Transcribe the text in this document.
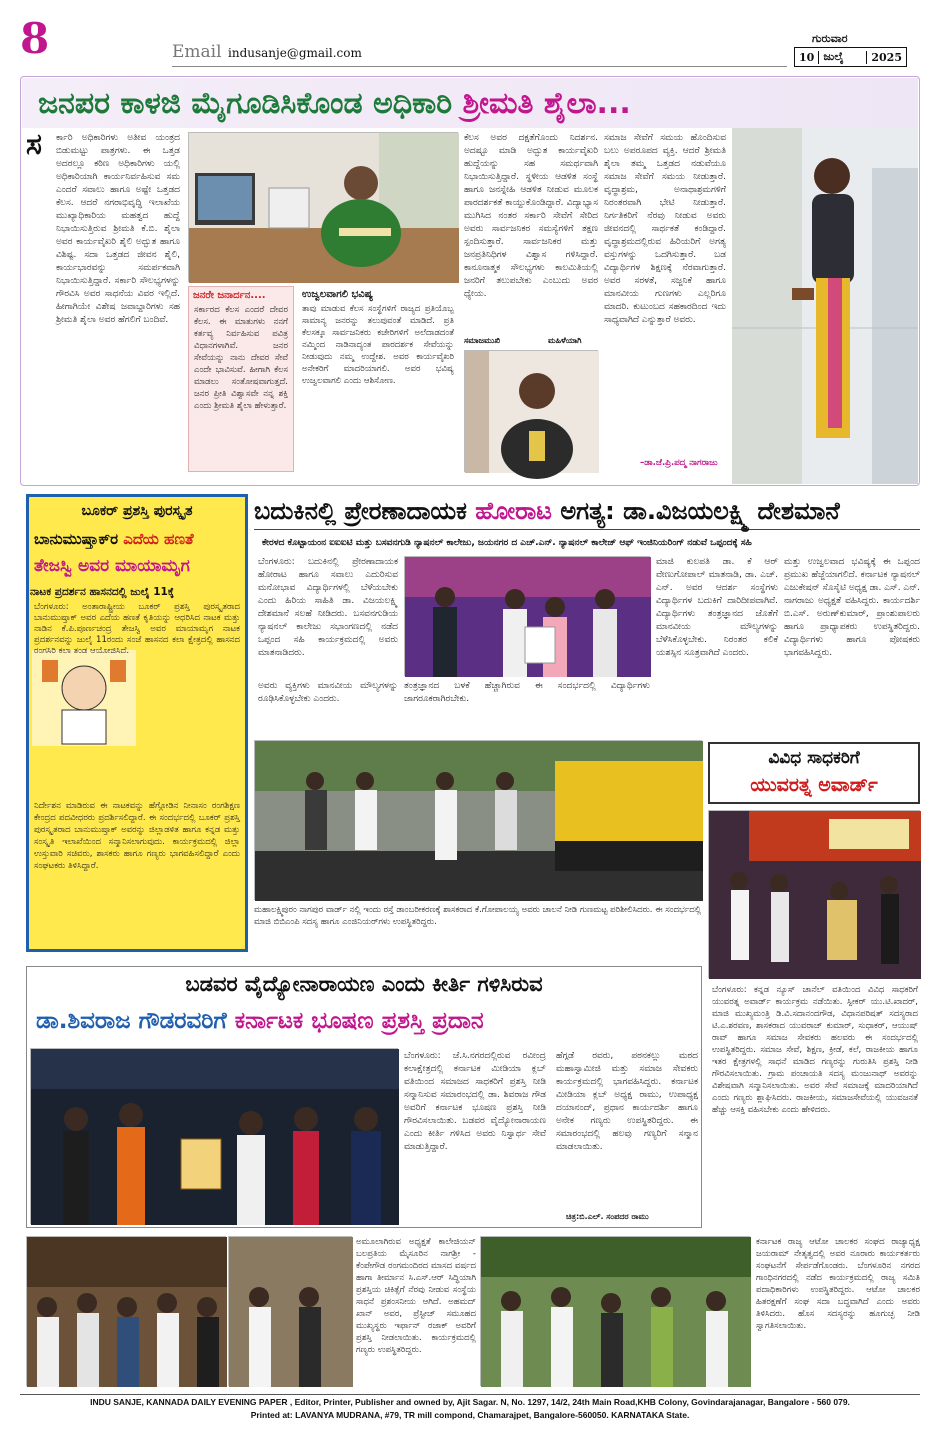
8	Email indusanje@gmail.com
ಗುರುವಾರ
10 ಜುಲೈ	2025
ಜನಪರ ಕಾಳಜಿ ಮೈಗೂಡಿಸಿಕೊಂಡ ಅಧಿಕಾರಿ ಶ್ರೀಮತಿ ಶೈಲಾ...
ಸ ರ್ಕಾರಿ ಅಧಿಕಾರಿಗಳು ಅತೀವ ಯಂತ್ರದ ಬಿಡುಮಟ್ಟು ಪಾತ್ರಗಳು. ಈ ಒತ್ತಡ ಅದರಲ್ಲೂ ಕಠಿಣ ಅಧಿಕಾರಿಗಳು ಯಲ್ಲಿ ಅಧಿಕಾರಿಯಾಗಿ ಕಾರ್ಯನಿರ್ವಹಿಸುವ ಸಮ ಎಂದರೆ ಸವಾಲು ಹಾಗೂ ಅಷ್ಟೇ ಒತ್ತಡದ ಕೆಲಸ. ಆದರೆ ನಗರಾಭಿವೃದ್ಧಿ ಇಲಾಖೆಯ ಮುಖ್ಯಾಧಿಕಾರಿಯ ಮಹತ್ವದ ಹುದ್ದೆ ನಿಭಾಯಿಸುತ್ತಿರುವ ಶ್ರೀಮತಿ ಕೆ.ಬಿ. ಶೈಲಾ ಅವರ ಕಾರ್ಯವೈಖರಿ ಶೈಲಿ ಅದ್ಭುತ ಹಾಗೂ ವಿಶಿಷ್ಟ. ಸದಾ ಒತ್ತಡದ ಜೀವನ ಶೈಲಿ, ಕಾರ್ಯಭಾರವನ್ನು ಸಮರ್ಪಕವಾಗಿ ನಿಭಾಯಿಸುತ್ತಿದ್ದಾರೆ. ಸರ್ಕಾರಿ ಸೌಲಭ್ಯಗಳನ್ನು ಗೌರವಿಸಿ ಅವರ ಸಾಧನೆಯ ವಿವರ ಇಲ್ಲಿದೆ. ಹೀಗಾಗಿಯೇ ವಿಶೇಷ ಜವಾಬ್ದಾರಿಗಳು ಸಹ ಶ್ರೀಮತಿ ಶೈಲಾ ಅವರ ಹೆಗಲಿಗೆ ಬಂದಿವೆ.
ಜನರೇ ಜನಾರ್ದನ....
ಸರ್ಕಾರದ ಕೆಲಸ ಎಂದರೆ ದೇವರ ಕೆಲಸ. ಈ ಮಾತುಗಳು ನನಗೆ ಕರ್ತವ್ಯ ನಿರ್ವಹಿಸುವ ಪವಿತ್ರ ವಿಧಾನಗಳಾಗಿವೆ. ಜನರ ಸೇವೆಯನ್ನು ನಾನು ದೇವರ ಸೇವೆ ಎಂದೇ ಭಾವಿಸುವೆ. ಹೀಗಾಗಿ ಕೆಲಸ ಮಾಡಲು ಸಂತೋಷವಾಗುತ್ತದೆ. ಜನರ ಪ್ರೀತಿ ವಿಶ್ವಾಸವೇ ನನ್ನ ಶಕ್ತಿ ಎಂದು ಶ್ರೀಮತಿ ಶೈಲಾ ಹೇಳುತ್ತಾರೆ.
ಉಜ್ವಲವಾಗಲಿ ಭವಿಷ್ಯ
ತಾವು ಮಾಡುವ ಕೆಲಸ ಸಂಸ್ಥೆಗಳಿಗೆ ರಾಜ್ಯದ ಪ್ರತಿಯೊಬ್ಬ ಸಾಮಾನ್ಯ ಜನರನ್ನು ತಲುಪುವಂತೆ ಮಾಡಿದೆ. ಪ್ರತಿ ಕೆಲಸಕ್ಕೂ ಸಾರ್ವಜನಿಕರು ಕಚೇರಿಗಳಿಗೆ ಅಲೆದಾಡದಂತೆ ನಮ್ಮಿಂದ ನಾಡಿನಾದ್ಯಂತ ಪಾರದರ್ಶಕ ಸೇವೆಯನ್ನು ನೀಡುವುದು ನಮ್ಮ ಉದ್ದೇಶ. ಅವರ ಕಾರ್ಯವೈಖರಿ ಅನೇಕರಿಗೆ ಮಾದರಿಯಾಗಲಿ. ಅವರ ಭವಿಷ್ಯ ಉಜ್ವಲವಾಗಲಿ ಎಂದು ಆಶಿಸೋಣ.
ಕೆಲಸ ಅವರ ದಕ್ಷತೆಗೊಂದು ನಿದರ್ಶನ. ಅದಷ್ಟೂ ಮಾಡಿ ಅದ್ಭುತ ಕಾರ್ಯವೈಖರಿ ಹುದ್ದೆಯನ್ನು ಸಹ ಸಮರ್ಥವಾಗಿ ನಿಭಾಯಿಸುತ್ತಿದ್ದಾರೆ. ಸ್ಥಳೀಯ ಆಡಳಿತ ಸಂಸ್ಥೆ ಹಾಗೂ ಜನಸ್ನೇಹಿ ಆಡಳಿತ ನೀಡುವ ಮೂಲಕ ಪಾರದರ್ಶಕತೆ ಕಾಯ್ದುಕೊಂಡಿದ್ದಾರೆ. ವಿದ್ಯಾಭ್ಯಾಸ ಮುಗಿಸಿದ ನಂತರ ಸರ್ಕಾರಿ ಸೇವೆಗೆ ಸೇರಿದ ಅವರು ಸಾರ್ವಜನಿಕರ ಸಮಸ್ಯೆಗಳಿಗೆ ತಕ್ಷಣ ಸ್ಪಂದಿಸುತ್ತಾರೆ. ಸಾರ್ವಜನಿಕರ ಮತ್ತು ಜನಪ್ರತಿನಿಧಿಗಳ ವಿಶ್ವಾಸ ಗಳಿಸಿದ್ದಾರೆ. ಕಾನೂನಾತ್ಮಕ ಸೌಲಭ್ಯಗಳು ಕಾಲಮಿತಿಯಲ್ಲಿ ಜನರಿಗೆ ತಲುಪಬೇಕು ಎಂಬುದು ಅವರ ಧ್ಯೇಯ.
ಸಮಾಜಮುಖಿ	ಮಹಿಳೆಯಾಗಿ
ಸಮಾಜ ಸೇವೆಗೆ ಸಮಯ ಹೊಂದಿಸುವ ಬಲು ಅಪರೂಪದ ವ್ಯಕ್ತಿ. ಆದರೆ ಶ್ರೀಮತಿ ಶೈಲಾ ತಮ್ಮ ಒತ್ತಡದ ನಡುವೆಯೂ ಸಮಾಜ ಸೇವೆಗೆ ಸಮಯ ನೀಡುತ್ತಾರೆ. ವೃದ್ಧಾಶ್ರಮ, ಅನಾಥಾಶ್ರಮಗಳಿಗೆ ನಿರಂತರವಾಗಿ ಭೇಟಿ ನೀಡುತ್ತಾರೆ. ನಿರ್ಗತಿಕರಿಗೆ ನೆರವು ನೀಡುವ ಅವರು ಜೀವನದಲ್ಲಿ ಸಾರ್ಥಕತೆ ಕಂಡಿದ್ದಾರೆ. ವೃದ್ಧಾಶ್ರಮದಲ್ಲಿರುವ ಹಿರಿಯರಿಗೆ ಅಗತ್ಯ ವಸ್ತುಗಳನ್ನು ಒದಗಿಸುತ್ತಾರೆ. ಬಡ ವಿದ್ಯಾರ್ಥಿಗಳ ಶಿಕ್ಷಣಕ್ಕೆ ನೆರವಾಗುತ್ತಾರೆ. ಅವರ ಸರಳತೆ, ಸಜ್ಜನಿಕೆ ಹಾಗೂ ಮಾನವೀಯ ಗುಣಗಳು ಎಲ್ಲರಿಗೂ ಮಾದರಿ. ಕುಟುಂಬದ ಸಹಕಾರದಿಂದ ಇದು ಸಾಧ್ಯವಾಗಿದೆ ಎನ್ನುತ್ತಾರೆ ಅವರು.
–ಡಾ.ಜೆ.ಪ್ರಿ.ಪದ್ಮ ನಾಗರಾಜು
ಬೂಕರ್ ಪ್ರಶಸ್ತಿ ಪುರಸ್ಕೃತ
ಬಾನುಮುಷ್ತಾಕ್‌ರ ಎದೆಯ ಹಣತೆ
ತೇಜಸ್ವಿ ಅವರ ಮಾಯಾಮೃಗ
ನಾಟಕ ಪ್ರದರ್ಶನ ಹಾಸನದಲ್ಲಿ ಜುಲೈ 11ಕ್ಕೆ
ಬೆಂಗಳೂರು: ಅಂತಾರಾಷ್ಟ್ರೀಯ ಬೂಕರ್ ಪ್ರಶಸ್ತಿ ಪುರಸ್ಕೃತರಾದ ಬಾನುಮುಷ್ತಾಕ್ ಅವರ ಎದೆಯ ಹಣತೆ ಕೃತಿಯನ್ನು ಆಧರಿಸಿದ ನಾಟಕ ಮತ್ತು ನಾಡಿನ ಕೆ.ಪಿ.ಪೂರ್ಣಚಂದ್ರ ತೇಜಸ್ವಿ ಅವರ ಮಾಯಾಮೃಗ ನಾಟಕ ಪ್ರದರ್ಶನವನ್ನು ಜುಲೈ 11ರಂದು ಸಂಜೆ ಹಾಸನದ ಕಲಾ ಕ್ಷೇತ್ರದಲ್ಲಿ ಹಾಸನದ ರಂಗಸಿರಿ ಕಲಾ ತಂಡ ಆಯೋಜಿಸಿದೆ.
ನಿರ್ದೇಶನ ಮಾಡಿರುವ ಈ ನಾಟಕವನ್ನು ಹೆಗ್ಗೋಡಿನ ನೀನಾಸಂ ರಂಗಶಿಕ್ಷಣ ಕೇಂದ್ರದ ಪದವೀಧರರು ಪ್ರದರ್ಶಿಸಲಿದ್ದಾರೆ. ಈ ಸಂದರ್ಭದಲ್ಲಿ ಬೂಕರ್ ಪ್ರಶಸ್ತಿ ಪುರಸ್ಕೃತರಾದ ಬಾನುಮುಷ್ತಾಕ್ ಅವರನ್ನು ಜಿಲ್ಲಾಡಳಿತ ಹಾಗೂ ಕನ್ನಡ ಮತ್ತು ಸಂಸ್ಕೃತಿ ಇಲಾಖೆಯಿಂದ ಸನ್ಮಾನಿಸಲಾಗುವುದು. ಕಾರ್ಯಕ್ರಮದಲ್ಲಿ ಜಿಲ್ಲಾ ಉಸ್ತುವಾರಿ ಸಚಿವರು, ಶಾಸಕರು ಹಾಗೂ ಗಣ್ಯರು ಭಾಗವಹಿಸಲಿದ್ದಾರೆ ಎಂದು ಸಂಘಟಕರು ತಿಳಿಸಿದ್ದಾರೆ.
ಬದುಕಿನಲ್ಲಿ ಪ್ರೇರಣಾದಾಯಕ ಹೋರಾಟ ಅಗತ್ಯ: ಡಾ.ವಿಜಯಲಕ್ಷ್ಮಿ ದೇಶಮಾನೆ
ಕೇರಳದ ಕೊಟ್ಟಾಯಂನ ಐಐಐಟಿ ಮತ್ತು ಬಸವನಗುಡಿ ನ್ಯಾಷನಲ್ ಕಾಲೇಜು, ಜಯನಗರ ದ ಎಚ್.ಎನ್. ನ್ಯಾಷನಲ್ ಕಾಲೇಜ್ ಆಫ್ ಇಂಜಿನಿಯರಿಂಗ್ ನಡುವೆ ಒಪ್ಪಂದಕ್ಕೆ ಸಹಿ
ಬೆಂಗಳೂರು: ಬದುಕಿನಲ್ಲಿ ಪ್ರೇರಣಾದಾಯಕ ಹೋರಾಟ ಹಾಗೂ ಸವಾಲು ಎದುರಿಸುವ ಮನೋಭಾವ ವಿದ್ಯಾರ್ಥಿಗಳಲ್ಲಿ ಬೆಳೆಯಬೇಕು ಎಂದು ಹಿರಿಯ ಸಾಹಿತಿ ಡಾ. ವಿಜಯಲಕ್ಷ್ಮಿ ದೇಶಮಾನೆ ಸಲಹೆ ನೀಡಿದರು. ಬಸವನಗುಡಿಯ ನ್ಯಾಷನಲ್ ಕಾಲೇಜು ಸಭಾಂಗಣದಲ್ಲಿ ನಡೆದ ಒಪ್ಪಂದ ಸಹಿ ಕಾರ್ಯಕ್ರಮದಲ್ಲಿ ಅವರು ಮಾತನಾಡಿದರು.
ಮಾಜಿ ಕುಲಪತಿ ಡಾ. ಕೆ ಆರ್ ವೇಣುಗೋಪಾಲ್ ಮಾತನಾಡಿ, ಡಾ. ಎಚ್. ಎನ್. ಅವರ ಆದರ್ಶ ಸಂಸ್ಥೆಗಳು ವಿದ್ಯಾರ್ಥಿಗಳ ಬದುಕಿಗೆ ದಾರಿದೀಪವಾಗಿವೆ. ವಿದ್ಯಾರ್ಥಿಗಳು ತಂತ್ರಜ್ಞಾನದ ಜೊತೆಗೆ ಮಾನವೀಯ ಮೌಲ್ಯಗಳನ್ನು ಬೆಳೆಸಿಕೊಳ್ಳಬೇಕು. ನಿರಂತರ ಕಲಿಕೆ ಯಶಸ್ಸಿನ ಸೂತ್ರವಾಗಿದೆ ಎಂದರು.
ಮತ್ತು ಉಜ್ವಲವಾದ ಭವಿಷ್ಯಕ್ಕೆ ಈ ಒಪ್ಪಂದ ಪ್ರಮುಖ ಹೆಜ್ಜೆಯಾಗಲಿದೆ. ಕರ್ನಾಟಕ ನ್ಯಾಷನಲ್ ಎಜುಕೇಷನ್ ಸೊಸೈಟಿ ಅಧ್ಯಕ್ಷ ಡಾ. ಎಸ್. ಎನ್. ನಾಗರಾಜು ಅಧ್ಯಕ್ಷತೆ ವಹಿಸಿದ್ದರು. ಕಾರ್ಯದರ್ಶಿ ಬಿ.ಎಸ್. ಅರುಣ್‌ಕುಮಾರ್, ಪ್ರಾಂಶುಪಾಲರು ಹಾಗೂ ಪ್ರಾಧ್ಯಾಪಕರು ಉಪಸ್ಥಿತರಿದ್ದರು. ವಿದ್ಯಾರ್ಥಿಗಳು ಹಾಗೂ ಪೋಷಕರು ಭಾಗವಹಿಸಿದ್ದರು.
ಅವರು ವ್ಯಕ್ತಿಗಳು ಮಾನವೀಯ ಮೌಲ್ಯಗಳನ್ನು ರೂಢಿಸಿಕೊಳ್ಳಬೇಕು ಎಂದರು.
ತಂತ್ರಜ್ಞಾನದ ಬಳಕೆ ಹೆಚ್ಚಾಗಿರುವ ಈ ಸಂದರ್ಭದಲ್ಲಿ ವಿದ್ಯಾರ್ಥಿಗಳು ಜಾಗರೂಕರಾಗಿರಬೇಕು.
ಮಹಾಲಕ್ಷ್ಮಿಪುರಂ ನಾಗಪುರ ವಾರ್ಡ್ ನಲ್ಲಿ ಇಂದು ರಸ್ತೆ ಡಾಂಬರೀಕರಣಕ್ಕೆ ಶಾಸಕರಾದ ಕೆ.ಗೋಪಾಲಯ್ಯ ಅವರು ಚಾಲನೆ ನೀಡಿ ಗುಣಮಟ್ಟ ಪರಿಶೀಲಿಸಿದರು. ಈ ಸಂದರ್ಭದಲ್ಲಿ ಮಾಜಿ ಬಿಬಿಎಂಪಿ ಸದಸ್ಯ ಹಾಗೂ ಎಂಜಿನಿಯರ್‌ಗಳು ಉಪಸ್ಥಿತರಿದ್ದರು.
ವಿವಿಧ ಸಾಧಕರಿಗೆ
ಯುವರತ್ನ ಅವಾರ್ಡ್
ಬೆಂಗಳೂರು: ಕನ್ನಡ ನ್ಯೂಸ್ ಚಾನೆಲ್ ವತಿಯಿಂದ ವಿವಿಧ ಸಾಧಕರಿಗೆ ಯುವರತ್ನ ಅವಾರ್ಡ್ ಕಾರ್ಯಕ್ರಮ ನಡೆಯಿತು. ಸ್ಪೀಕರ್ ಯು.ಟಿ.ಖಾದರ್, ಮಾಜಿ ಮುಖ್ಯಮಂತ್ರಿ ಡಿ.ವಿ.ಸದಾನಂದಗೌಡ, ವಿಧಾನಪರಿಷತ್ ಸದಸ್ಯರಾದ ಟಿ.ಎ.ಶರವಣ, ಶಾಸಕರಾದ ಯುವರಾಜ್ ಕುಮಾರ್, ಸುಧಾಕರ್, ಆಯುಷ್ ರಾವ್ ಹಾಗೂ ಸಮಾಜ ಸೇವಕರು ಹಲವರು ಈ ಸಂದರ್ಭದಲ್ಲಿ ಉಪಸ್ಥಿತರಿದ್ದರು. ಸಮಾಜ ಸೇವೆ, ಶಿಕ್ಷಣ, ಕ್ರೀಡೆ, ಕಲೆ, ರಾಜಕೀಯ ಹಾಗೂ ಇತರ ಕ್ಷೇತ್ರಗಳಲ್ಲಿ ಸಾಧನೆ ಮಾಡಿದ ಗಣ್ಯರನ್ನು ಗುರುತಿಸಿ ಪ್ರಶಸ್ತಿ ನೀಡಿ ಗೌರವಿಸಲಾಯಿತು. ಗ್ರಾಮ ಪಂಚಾಯತಿ ಸದಸ್ಯ ಮಂಜುನಾಥ್ ಅವರನ್ನು ವಿಶೇಷವಾಗಿ ಸನ್ಮಾನಿಸಲಾಯಿತು. ಅವರ ಸೇವೆ ಸಮಾಜಕ್ಕೆ ಮಾದರಿಯಾಗಿದೆ ಎಂದು ಗಣ್ಯರು ಶ್ಲಾಘಿಸಿದರು. ರಾಜಕೀಯ, ಸಮಾಜಸೇವೆಯಲ್ಲಿ ಯುವಜನತೆ ಹೆಚ್ಚು ಆಸಕ್ತಿ ವಹಿಸಬೇಕು ಎಂದು ಹೇಳಿದರು.
ಬಡವರ ವೈದ್ಯೋನಾರಾಯಣ ಎಂದು ಕೀರ್ತಿ ಗಳಿಸಿರುವ
ಡಾ.ಶಿವರಾಜ ಗೌಡರವರಿಗೆ ಕರ್ನಾಟಕ ಭೂಷಣ ಪ್ರಶಸ್ತಿ ಪ್ರದಾನ
ಬೆಂಗಳೂರು: ಜೆ.ಸಿ.ನಗರದಲ್ಲಿರುವ ರವೀಂದ್ರ ಕಲಾಕ್ಷೇತ್ರದಲ್ಲಿ ಕರ್ನಾಟಕ ಮೀಡಿಯಾ ಕ್ಲಬ್ ವತಿಯಿಂದ ಸಮಾಜದ ಸಾಧಕರಿಗೆ ಪ್ರಶಸ್ತಿ ನೀಡಿ ಸನ್ಮಾನಿಸುವ ಸಮಾರಂಭದಲ್ಲಿ ಡಾ. ಶಿವರಾಜ ಗೌಡ ಅವರಿಗೆ ಕರ್ನಾಟಕ ಭೂಷಣ ಪ್ರಶಸ್ತಿ ನೀಡಿ ಗೌರವಿಸಲಾಯಿತು. ಬಡವರ ವೈದ್ಯೋನಾರಾಯಣ ಎಂದು ಕೀರ್ತಿ ಗಳಿಸಿದ ಅವರು ನಿಸ್ವಾರ್ಥ ಸೇವೆ ಮಾಡುತ್ತಿದ್ದಾರೆ.
ಹೆಗ್ಗಡೆ ರವರು, ಪಠನಕಲ್ಲು ಮಠದ ಮಹಾಸ್ವಾಮೀಜಿ ಮತ್ತು ಸಮಾಜ ಸೇವಕರು ಕಾರ್ಯಕ್ರಮದಲ್ಲಿ ಭಾಗವಹಿಸಿದ್ದರು. ಕರ್ನಾಟಕ ಮೀಡಿಯಾ ಕ್ಲಬ್ ಅಧ್ಯಕ್ಷ ರಾಮು, ಉಪಾಧ್ಯಕ್ಷ ದಯಾನಂದ್, ಪ್ರಧಾನ ಕಾರ್ಯದರ್ಶಿ ಹಾಗೂ ಅನೇಕ ಗಣ್ಯರು ಉಪಸ್ಥಿತರಿದ್ದರು. ಈ ಸಮಾರಂಭದಲ್ಲಿ ಹಲವು ಗಣ್ಯರಿಗೆ ಸನ್ಮಾನ ಮಾಡಲಾಯಿತು.
ಚಿತ್ರ:ಬಿ.ಎಲ್. ಸಂಪದರ ರಾಮು
ಅಮೂಲಾಗಿರುವ ಅಧ್ಯಕ್ಷತೆ ಕಾಲೇಜಿಯನ್ ಬಲಪ್ರತಿಯ ಮೈಸೂರಿನ ನಾಗಶ್ರೀ - ಕೆಂಪೇಗೌಡ ರಂಗಮಂದಿರದ ಮಾಸದ ವರ್ಷದ ಹಾಗಾ ತೀರ್ಮಾನ ಸಿ.ಎಸ್.ಆರ್ ಸಿದ್ಧಿಯಾಗಿ ಪ್ರಶಸ್ತಿಯ ಚಿಕಿತ್ಸೆಗೆ ನೆರವು ನೀಡುವ ಸಂಸ್ಥೆಯ ಸಾಧನೆ ಪ್ರಶಂಸನೀಯ ಆಗಿದೆ. ಅಹಮದ್ ಖಾನ್ ಅವರ, ಪ್ರೆಸ್ಟೀಜ್ ಸಮೂಹದ ಮುಖ್ಯಸ್ಥರು ಇರ್ಫಾನ್ ರಜಾಕ್ ಅವರಿಗೆ ಪ್ರಶಸ್ತಿ ನೀಡಲಾಯಿತು. ಕಾರ್ಯಕ್ರಮದಲ್ಲಿ ಗಣ್ಯರು ಉಪಸ್ಥಿತರಿದ್ದರು.
ಕರ್ನಾಟಕ ರಾಜ್ಯ ಆಟೋ ಚಾಲಕರ ಸಂಘದ ರಾಜ್ಯಾಧ್ಯಕ್ಷ ಜಯರಾಮ್ ನೇತೃತ್ವದಲ್ಲಿ ಅವರ ನೂರಾರು ಕಾರ್ಯಕರ್ತರು ಸಂಘಟನೆಗೆ ಸೇರ್ಪಡೆಗೊಂಡರು. ಬೆಂಗಳೂರಿನ ನಗರದ ಗಾಂಧಿನಗರದಲ್ಲಿ ನಡೆದ ಕಾರ್ಯಕ್ರಮದಲ್ಲಿ ರಾಜ್ಯ ಸಮಿತಿ ಪದಾಧಿಕಾರಿಗಳು ಉಪಸ್ಥಿತರಿದ್ದರು. ಆಟೋ ಚಾಲಕರ ಹಿತರಕ್ಷಣೆಗೆ ಸಂಘ ಸದಾ ಬದ್ಧವಾಗಿದೆ ಎಂದು ಅವರು ತಿಳಿಸಿದರು. ಹೊಸ ಸದಸ್ಯರನ್ನು ಹೂಗುಚ್ಛ ನೀಡಿ ಸ್ವಾಗತಿಸಲಾಯಿತು.
INDU SANJE, KANNADA DAILY EVENING PAPER , Editor, Printer, Publisher and owned by, Ajit Sagar. N, No. 1297, 14/2, 24th Main Road,KHB Colony, Govindarajanagar, Bangalore - 560 079.
Printed at: LAVANYA MUDRANA, #79, TR mill compond, Chamarajpet, Bangalore-560050. KARNATAKA State.
